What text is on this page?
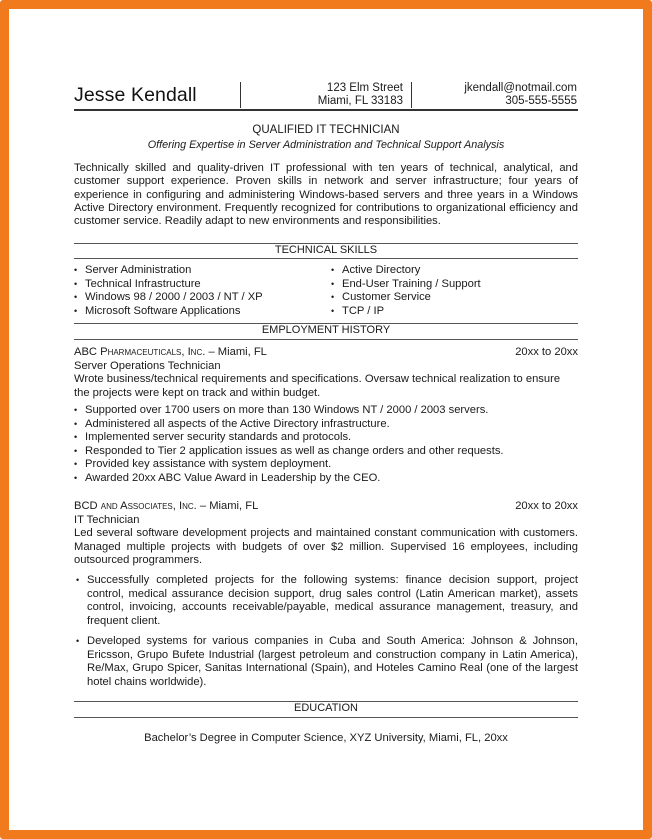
Jesse Kendall	123 Elm Street
Miami, FL 33183
jkendall@notmail.com
305-555-5555
QUALIFIED IT TECHNICIAN
Offering Expertise in Server Administration and Technical Support Analysis
Technically skilled and quality-driven IT professional with ten years of technical, analytical, and customer support experience. Proven skills in network and server infrastructure; four years of experience in configuring and administering Windows-based servers and three years in a Windows Active Directory environment. Frequently recognized for contributions to organizational efficiency and customer service. Readily adapt to new environments and responsibilities.
TECHNICAL SKILLS
• Server Administration
• Technical Infrastructure
• Windows 98 / 2000 / 2003 / NT / XP
• Microsoft Software Applications
• Active Directory
• End-User Training / Support
• Customer Service
• TCP / IP
EMPLOYMENT HISTORY
ABC Pharmaceuticals, Inc. – Miami, FL	20xx to 20xx
Server Operations Technician
Wrote business/technical requirements and specifications. Oversaw technical realization to ensure the projects were kept on track and within budget.
• Supported over 1700 users on more than 130 Windows NT / 2000 / 2003 servers.
• Administered all aspects of the Active Directory infrastructure.
• Implemented server security standards and protocols.
• Responded to Tier 2 application issues as well as change orders and other requests.
• Provided key assistance with system deployment.
• Awarded 20xx ABC Value Award in Leadership by the CEO.
BCD and Associates, Inc. – Miami, FL	20xx to 20xx
IT Technician
Led several software development projects and maintained constant communication with customers. Managed multiple projects with budgets of over $2 million. Supervised 16 employees, including outsourced programmers.
• Successfully completed projects for the following systems: finance decision support, project control, medical assurance decision support, drug sales control (Latin American market), assets control, invoicing, accounts receivable/payable, medical assurance management, treasury, and frequent client.
• Developed systems for various companies in Cuba and South America: Johnson & Johnson, Ericsson, Grupo Bufete Industrial (largest petroleum and construction company in Latin America), Re/Max, Grupo Spicer, Sanitas International (Spain), and Hoteles Camino Real (one of the largest hotel chains worldwide).
EDUCATION
Bachelor’s Degree in Computer Science, XYZ University, Miami, FL, 20xx
